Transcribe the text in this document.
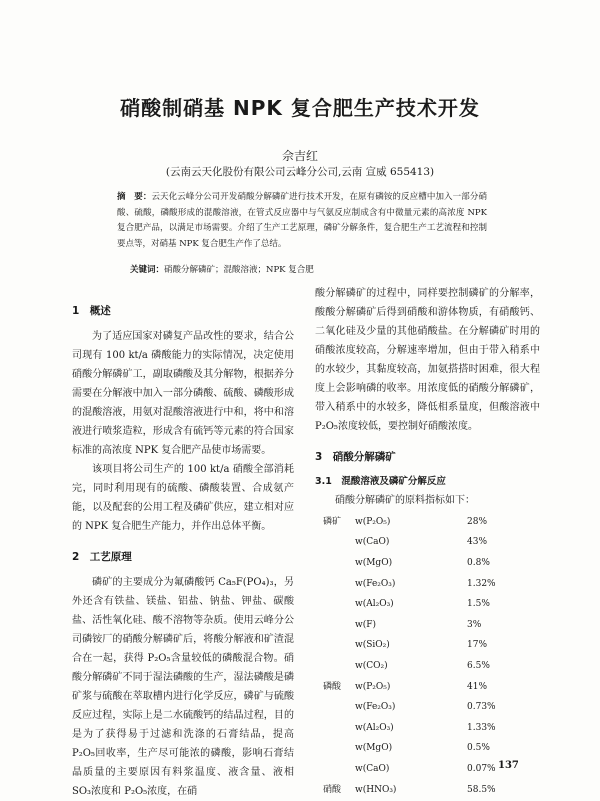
硝酸制硝基 NPK 复合肥生产技术开发
佘吉红
(云南云天化股份有限公司云峰分公司,云南 宣威 655413)

摘　要：云天化云峰分公司开发硝酸分解磷矿进行技术开发，在原有磷铵的反应槽中加入一部分硝酸、硫酸，磷酸形成的混酸溶液，在管式反应器中与气氨反应制成含有中微量元素的高浓度 NPK 复合肥产品，以满足市场需要。介绍了生产工艺原理，磷矿分解条件，复合肥生产工艺流程和控制要点等，对硝基 NPK 复合肥生产作了总结。

关键词：硝酸分解磷矿；混酸溶液；NPK 复合肥

1　概述

为了适应国家对磷复产品改性的要求，结合公司现有 100 kt/a 磷酸能力的实际情况，决定使用硝酸分解磷矿工，副取磷酸及其分解物，根据养分需要在分解液中加入一部分磷酸、硫酸、磷酸形成的混酸溶液，用氨对混酸溶液进行中和，将中和溶液进行喷浆造粒，形成含有硫钙等元素的符合国家标准的高浓度 NPK 复合肥产品使市场需要。

该项目将公司生产的 100 kt/a 硝酸全部消耗完，同时利用现有的硫酸、磷酸装置、合成氨产能，以及配套的公用工程及磷矿供应，建立相对应的 NPK 复合肥生产能力，并作出总体平衡。

2　工艺原理

磷矿的主要成分为氟磷酸钙 Ca₅F(PO₄)₃，另外还含有铁盐、镁盐、铝盐、钠盐、钾盐、碳酸盐、活性氧化硅、酸不溶物等杂质。使用云峰分公司磷铵厂的硝酸分解磷矿后，将酸分解液和矿渣混合在一起，获得 P₂O₅含量较低的磷酸混合物。硝酸分解磷矿不同于湿法磷酸的生产，湿法磷酸是磷矿浆与硫酸在萃取槽内进行化学反应，磷矿与硫酸反应过程，实际上是二水硫酸钙的结晶过程，目的是为了获得易于过滤和洗涤的石膏结晶，提高 P₂O₅回收率，生产尽可能浓的磷酸，影响石膏结晶质量的主要原因有料浆温度、液含量、液相 SO₃浓度和 P₂O₅浓度，在硝

酸分解磷矿的过程中，同样要控制磷矿的分解率，酸酸分解磷矿后得到硝酸和游体物质，有硝酸钙、二氧化硅及少量的其他硝酸盐。在分解磷矿时用的硝酸浓度较高，分解速率增加，但由于带入稍系中的水较少，其黏度较高，加氨搭搭时困难，很大程度上会影响磷的收率。用浓度低的硝酸分解磷矿，带入稍系中的水较多，降低相系量度，但酸溶液中 P₂O₅浓度较低，要控制好硝酸浓度。

3　硝酸分解磷矿
3.1　混酸溶液及磷矿分解反应

硝酸分解磷矿的原料指标如下：

磷矿	w(P₂O₅)	28%
	w(CaO)	43%
	w(MgO)	0.8%
	w(Fe₂O₃)	1.32%
	w(Al₂O₃)	1.5%
	w(F)	3%
	w(SiO₂)	17%
	w(CO₂)	6.5%
磷酸	w(P₂O₅)	41%
	w(Fe₂O₃)	0.73%
	w(Al₂O₃)	1.33%
	w(MgO)	0.5%
	w(CaO)	0.07%
硝酸	w(HNO₃)	58.5%
137
